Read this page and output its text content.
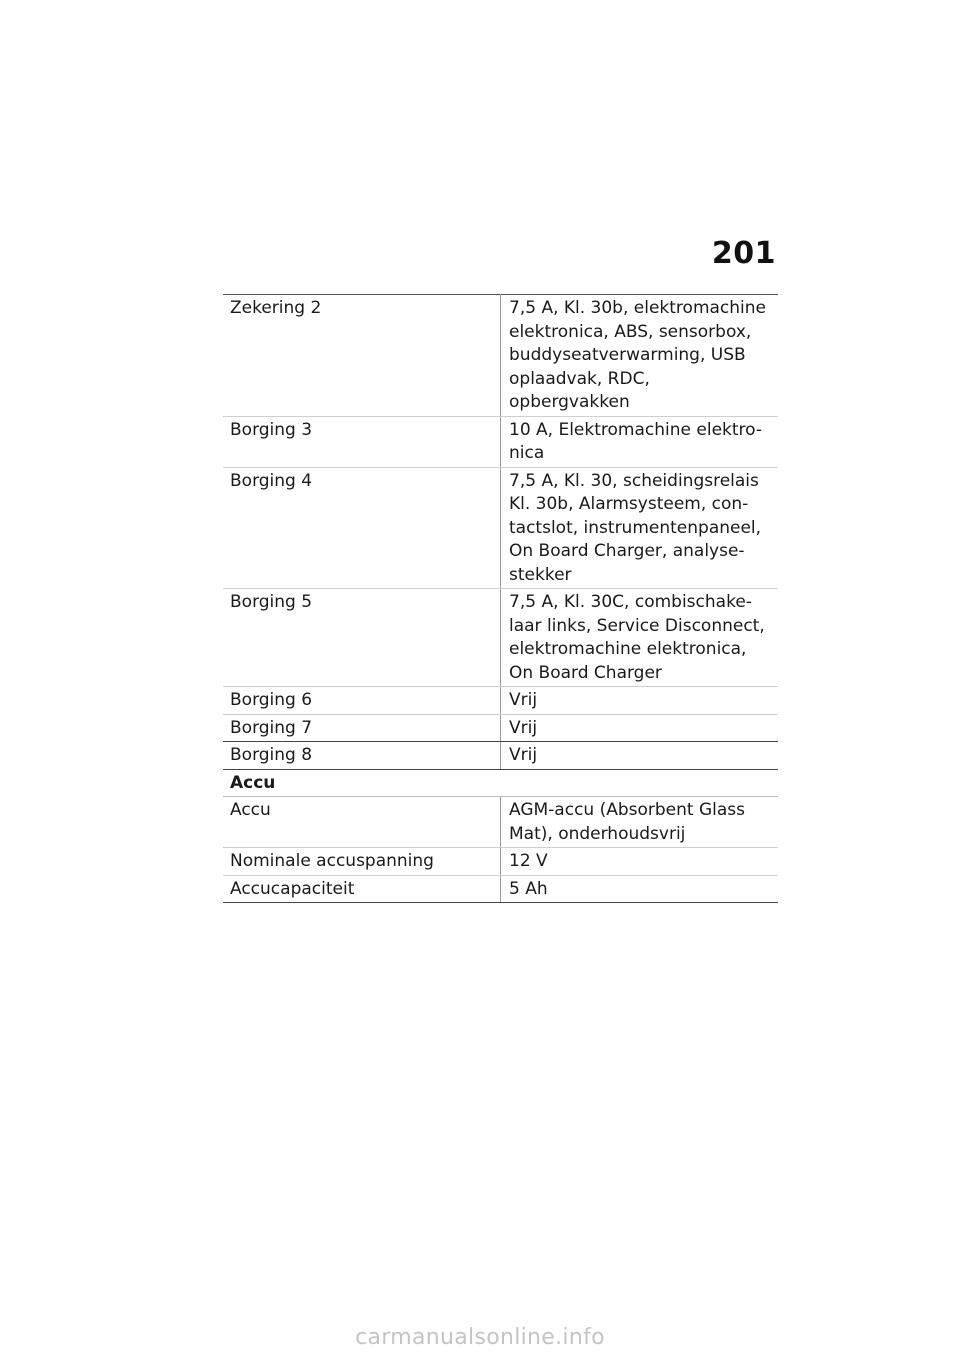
201
Zekering 2	7,5 A, Kl. 30b, elektromachine elektronica, ABS, sensorbox, buddyseatverwarming, USB oplaadvak, RDC, opbergvakken
Borging 3	10 A, Elektromachine elektro-nica
Borging 4	7,5 A, Kl. 30, scheidingsrelais Kl. 30b, Alarmsysteem, con-tactslot, instrumentenpaneel, On Board Charger, analyse-stekker
Borging 5	7,5 A, Kl. 30C, combischake-laar links, Service Disconnect, elektromachine elektronica, On Board Charger
Borging 6	Vrij
Borging 7	Vrij
Borging 8	Vrij
Accu	
Accu	AGM-accu (Absorbent Glass Mat), onderhoudsvrij
Nominale accuspanning	12 V
Accucapaciteit	5 Ah
carmanualsonline.info
